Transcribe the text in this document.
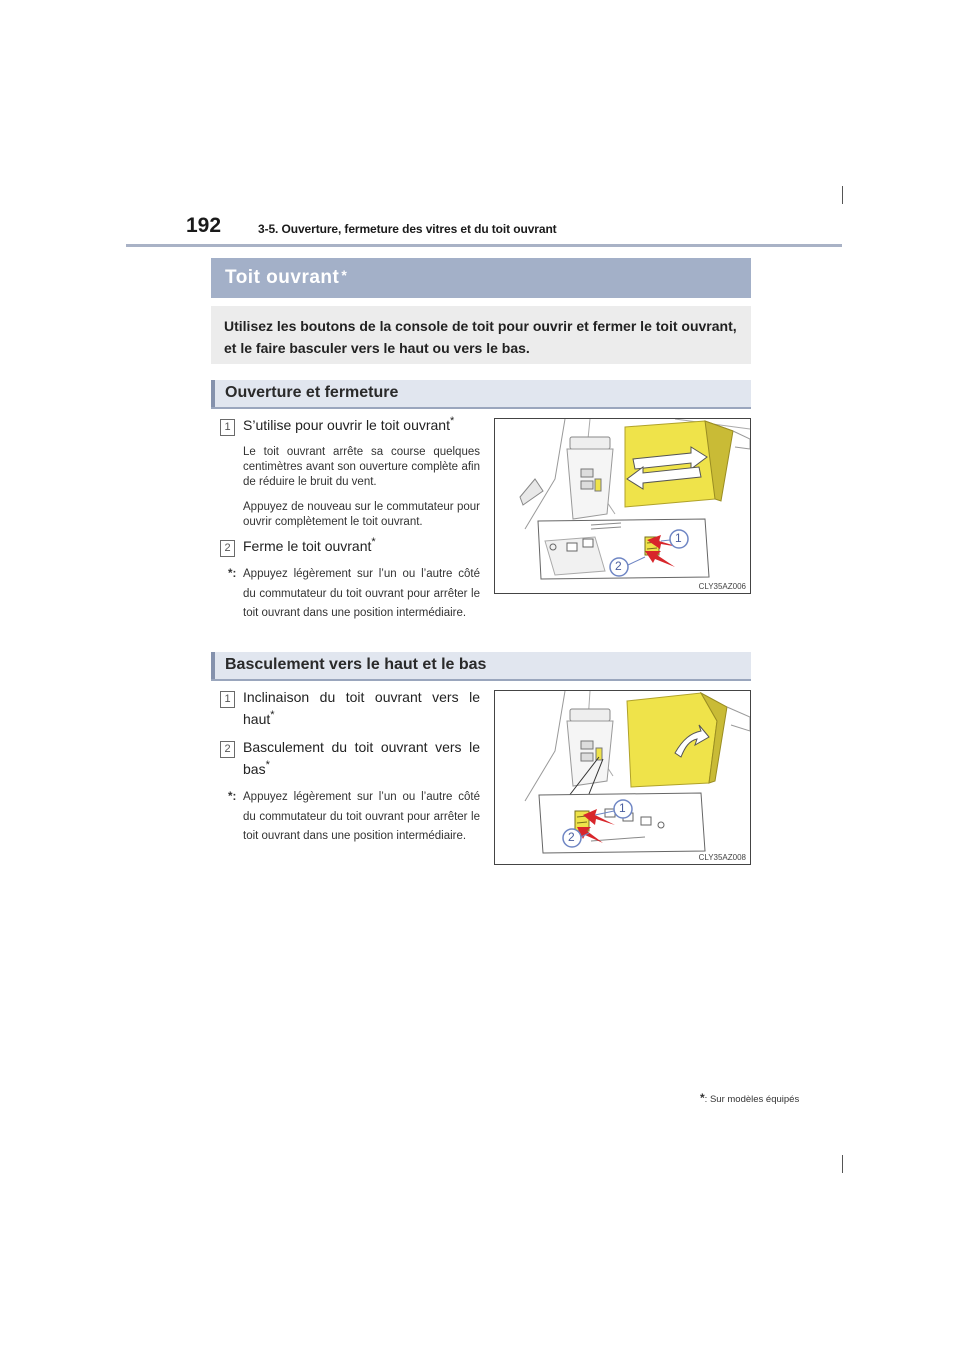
192	3-5. Ouverture, fermeture des vitres et du toit ouvrant
Toit ouvrant *

Utilisez les boutons de la console de toit pour ouvrir et fermer le toit ouvrant, et le faire basculer vers le haut ou vers le bas.

Ouverture et fermeture
1 S’utilise pour ouvrir le toit ouvrant*
Le toit ouvrant arrête sa course quelques centimètres avant son ouverture complète afin de réduire le bruit du vent.
Appuyez de nouveau sur le commutateur pour ouvrir complètement le toit ouvrant.
2 Ferme le toit ouvrant*
*: Appuyez légèrement sur l’un ou l’autre côté du commutateur du toit ouvrant pour arrêter le toit ouvrant dans une position intermédiaire.
1
2
CLY35AZ006
Basculement vers le haut et le bas
1 Inclinaison du toit ouvrant vers le haut*
2 Basculement du toit ouvrant vers le bas*
*: Appuyez légèrement sur l’un ou l’autre côté du commutateur du toit ouvrant pour arrêter le toit ouvrant dans une position intermédiaire.
1
2
CLY35AZ008
*: Sur modèles équipés
